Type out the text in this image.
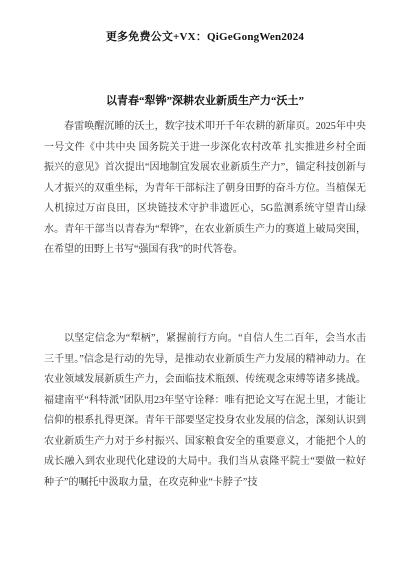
更多免费公文+VX：QiGeGongWen2024
以青春“犁铧”深耕农业新质生产力“沃土”

春雷唤醒沉睡的沃土，数字技术叩开千年农耕的新扉页。2025年中央一号文件《中共中央 国务院关于进一步深化农村改革 扎实推进乡村全面振兴的意见》首次提出“因地制宜发展农业新质生产力”，锚定科技创新与人才振兴的双重坐标，为青年干部标注了朝身田野的奋斗方位。当植保无人机掠过万亩良田，区块链技术守护非遗匠心，5G监测系统守望青山绿水。青年干部当以青春为“犁铧”，在农业新质生产力的赛道上破局突围，在希望的田野上书写“强国有我”的时代答卷。

以坚定信念为“犁柄”，紧握前行方向。“自信人生二百年，会当水击三千里。”信念是行动的先导，是推动农业新质生产力发展的精神动力。在农业领域发展新质生产力，会面临技术瓶颈、传统观念束缚等诸多挑战。福建南平“科特派”团队用23年坚守诠释：唯有把论文写在泥土里，才能让信仰的根系扎得更深。青年干部要坚定投身农业发展的信念，深刻认识到农业新质生产力对于乡村振兴、国家粮食安全的重要意义，才能把个人的成长融入到农业现代化建设的大局中。我们当从袁隆平院士“要做一粒好种子”的嘱托中汲取力量，在攻克种业“卡脖子”技
